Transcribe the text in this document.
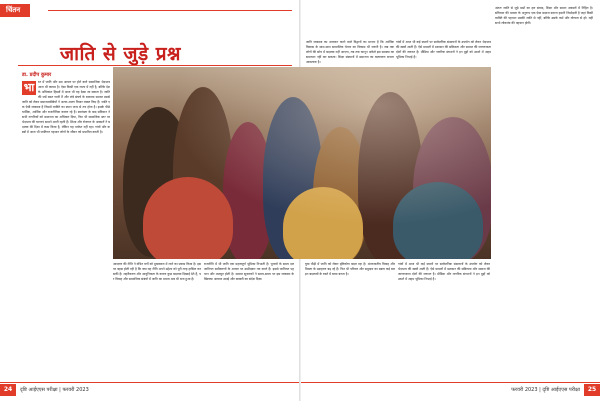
चिंतन
जाति से जुड़े प्रश्न
डा. प्रदीप कुमार
भा	रत में जाति और उस आधार पर होने वाले सामाजिक भेदभाव आज भी कायम है। ऐसा किसी एक राज्य में नहीं है, बल्कि देश के अधिकांश हिस्सों में आज भी यह देखा जा सकता है। जाति की जड़ें बहुत गहरी हैं और लंबे संघर्ष के बावजूद समाज इससे
जाति को लेकर समाजशास्त्रियों ने अलग-अलग विचार व्यक्त किए हैं। जाति एक ऐसी व्यवस्था है जिसमें व्यक्ति का स्थान जन्म से तय होता है। इसके पीछे धार्मिक, आर्थिक और राजनीतिक कारण रहे हैं। स्वतंत्रता के बाद संविधान ने सभी नागरिकों को समानता का अधिकार दिया, फिर भी सामाजिक स्तर पर भेदभाव की घटनाएं सामने आती रहती हैं। शिक्षा और रोजगार के अवसरों ने बदलाव की दिशा में काम किया है, लेकिन यह पर्याप्त नहीं रहा। गांवों और कस्बों में आज भी जातिगत पहचान लोगों के जीवन को प्रभावित करती है।
आरक्षण की नीति ने वंचित वर्गों को मुख्यधारा में लाने का प्रयास किया है। इस पर बहस होती रही है कि क्या यह नीति अपने उद्देश्य को पूरी तरह हासिल कर सकी है। शहरीकरण और आधुनिकता के कारण कुछ बदलाव दिखाई देते हैं, पर विवाह और सामाजिक संबंधों में जाति का प्रभाव अब भी बना हुआ है।
राजनीति में भी जाति एक महत्वपूर्ण भूमिका निभाती है। चुनावों के समय दल जातिगत समीकरणों के आधार पर उम्मीदवार तय करते हैं। इससे जातिगत पहचान और मजबूत होती है। समाज सुधारकों ने समय-समय पर इस व्यवस्था के खिलाफ आवाज उठाई और बराबरी का संदेश दिया।
जाति व्यवस्था का अध्ययन करने वाले विद्वानों का मानना है कि आर्थिक विकास के साथ-साथ सामाजिक चेतना का विकास भी जरूरी है। जब तक लोगों की सोच में बदलाव नहीं आएगा, तब तक कानून अकेले इस समस्या का समाधान नहीं कर सकता। शिक्षा संस्थानों में समानता का वातावरण बनाना आवश्यक है।
गांवों में आज भी कई स्थानों पर सार्वजनिक संसाधनों के उपयोग को लेकर भेदभाव की खबरें आती हैं। ऐसे मामलों में प्रशासन की सक्रियता और समाज की जागरूकता दोनों की जरूरत है। मीडिया और नागरिक संगठनों ने इन मुद्दों को उठाने में अहम भूमिका निभाई है।
युवा पीढ़ी में जाति को लेकर दृष्टिकोण बदल रहा है। अंतरजातीय विवाह और मित्रता के उदाहरण बढ़ रहे हैं। फिर भी परिवार और समुदाय का दबाव कई बार इन बदलावों के रास्ते में बाधा बनता है।
गांवों में आज भी कई स्थानों पर सार्वजनिक संसाधनों के उपयोग को लेकर भेदभाव की खबरें आती हैं। ऐसे मामलों में प्रशासन की सक्रियता और समाज की जागरूकता दोनों की जरूरत है। मीडिया और नागरिक संगठनों ने इन मुद्दों को उठाने में अहम भूमिका निभाई है।
अंततः जाति से जुड़े प्रश्नों का हल संवाद, शिक्षा और समान अवसरों में निहित है। संविधान की भावना के अनुरूप एक ऐसा समाज बनाना हमारी जिम्मेदारी है जहां किसी व्यक्ति की पहचान उसकी जाति से नहीं, बल्कि उसके कर्म और योग्यता से हो। यही सच्चे लोकतंत्र की पहचान होगी।
24	दृष्टि आईएएस परीक्षा | फरवरी 2023	फरवरी 2023 | दृष्टि आईएएस परीक्षा	25
